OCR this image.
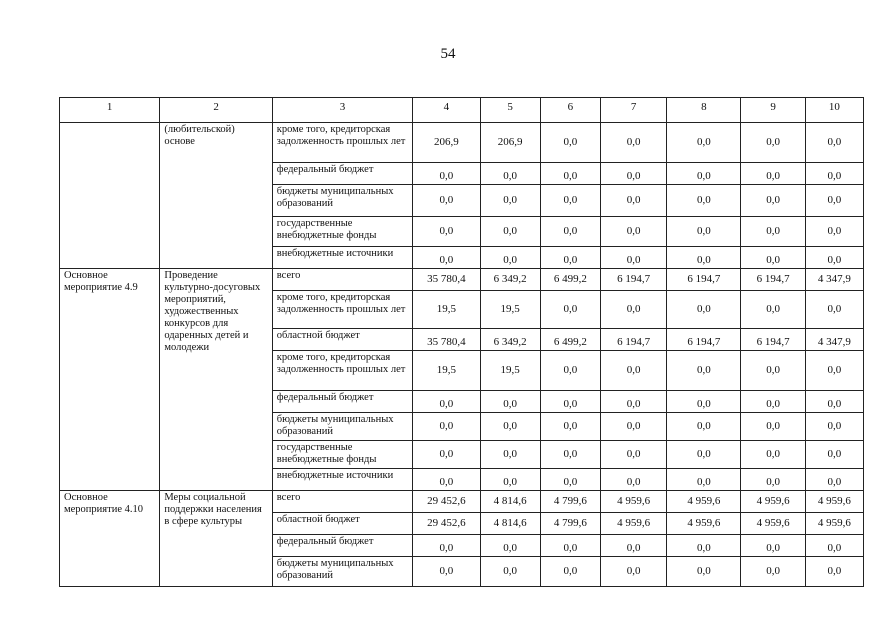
54
1	2	3	4	5	6	7	8	9	10
	(любительской) основе	кроме того, кредиторская задолженность прошлых лет	206,9	206,9	0,0	0,0	0,0	0,0	0,0
		федеральный бюджет	0,0	0,0	0,0	0,0	0,0	0,0	0,0
		бюджеты муниципальных образований	0,0	0,0	0,0	0,0	0,0	0,0	0,0
		государственные внебюджетные фонды	0,0	0,0	0,0	0,0	0,0	0,0	0,0
		внебюджетные источники	0,0	0,0	0,0	0,0	0,0	0,0	0,0
Основное мероприятие 4.9	Проведение культурно-досуговых мероприятий, художественных конкурсов для одаренных детей и молодежи	всего	35 780,4	6 349,2	6 499,2	6 194,7	6 194,7	6 194,7	4 347,9
		кроме того, кредиторская задолженность прошлых лет	19,5	19,5	0,0	0,0	0,0	0,0	0,0
		областной бюджет	35 780,4	6 349,2	6 499,2	6 194,7	6 194,7	6 194,7	4 347,9
		кроме того, кредиторская задолженность прошлых лет	19,5	19,5	0,0	0,0	0,0	0,0	0,0
		федеральный бюджет	0,0	0,0	0,0	0,0	0,0	0,0	0,0
		бюджеты муниципальных образований	0,0	0,0	0,0	0,0	0,0	0,0	0,0
		государственные внебюджетные фонды	0,0	0,0	0,0	0,0	0,0	0,0	0,0
		внебюджетные источники	0,0	0,0	0,0	0,0	0,0	0,0	0,0
Основное мероприятие 4.10	Меры социальной поддержки населения в сфере культуры	всего	29 452,6	4 814,6	4 799,6	4 959,6	4 959,6	4 959,6	4 959,6
		областной бюджет	29 452,6	4 814,6	4 799,6	4 959,6	4 959,6	4 959,6	4 959,6
		федеральный бюджет	0,0	0,0	0,0	0,0	0,0	0,0	0,0
		бюджеты муниципальных образований	0,0	0,0	0,0	0,0	0,0	0,0	0,0
